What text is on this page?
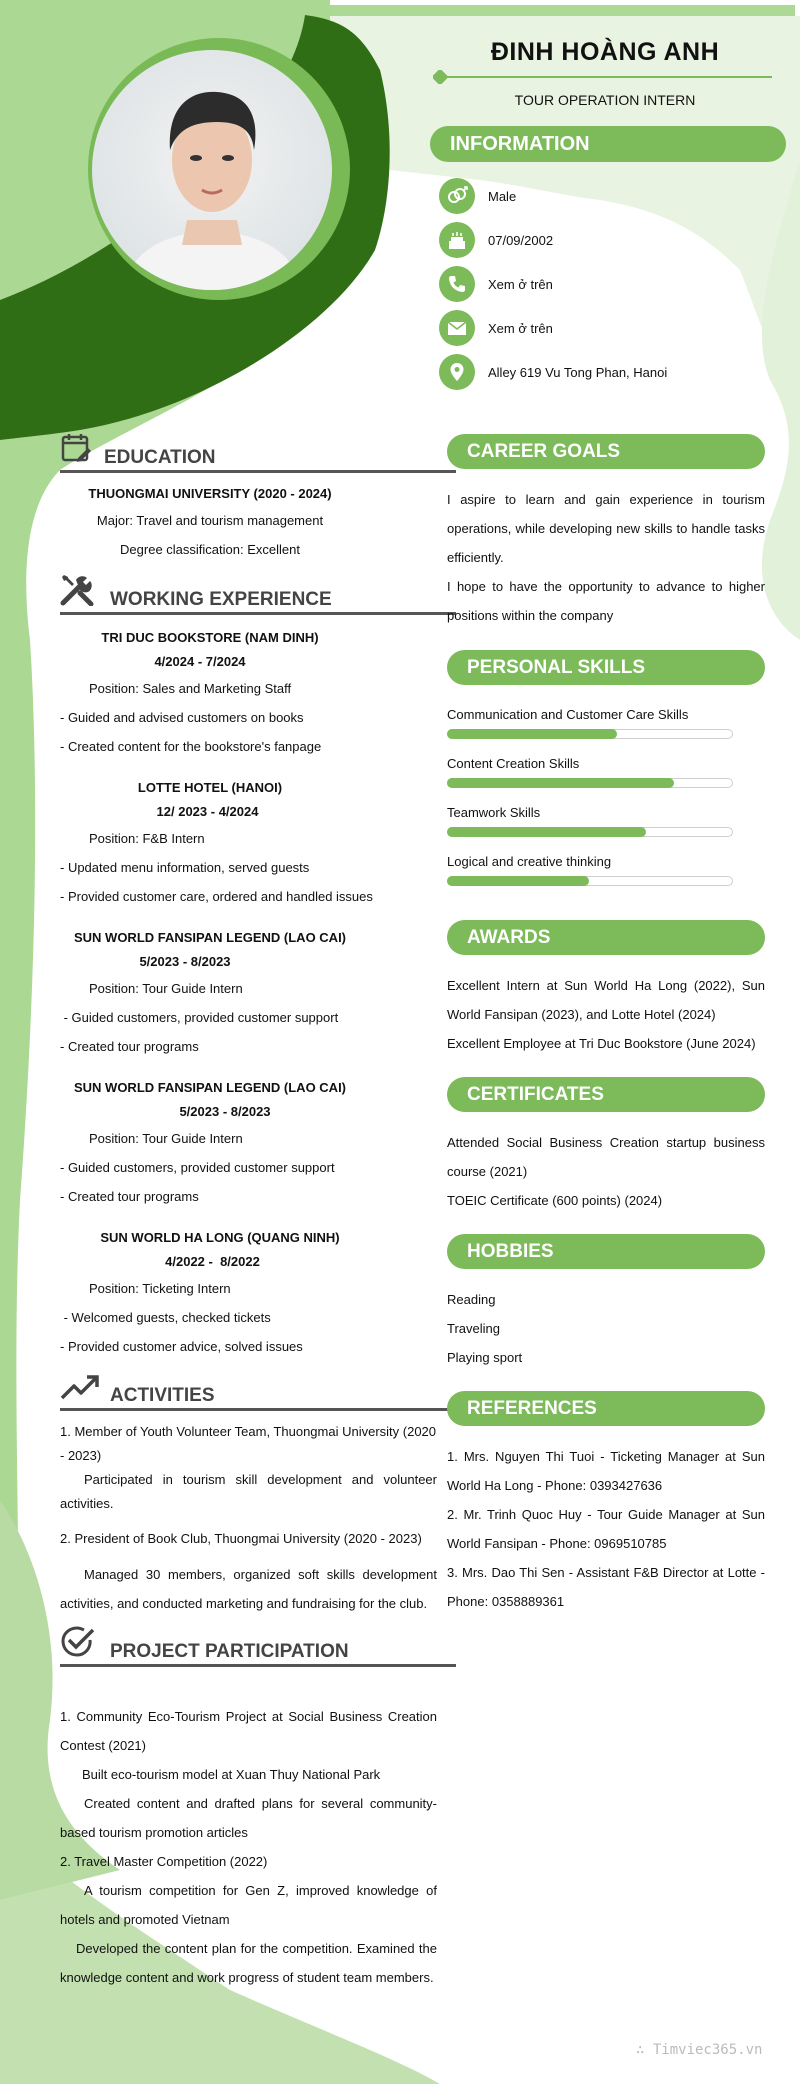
ĐINH HOÀNG ANH
TOUR OPERATION INTERN
INFORMATION
Male
07/09/2002
Xem ở trên
Xem ở trên
Alley 619 Vu Tong Phan, Hanoi
EDUCATION
THUONGMAI UNIVERSITY (2020 - 2024)
Major: Travel and tourism management
Degree classification: Excellent
WORKING EXPERIENCE
TRI DUC BOOKSTORE (NAM DINH)
4/2024 - 7/2024
Position: Sales and Marketing Staff
- Guided and advised customers on books
- Created content for the bookstore's fanpage
LOTTE HOTEL (HANOI)
12/ 2023 - 4/2024
Position: F&B Intern
- Updated menu information, served guests
- Provided customer care, ordered and handled issues
SUN WORLD FANSIPAN LEGEND (LAO CAI)
5/2023 - 8/2023
Position: Tour Guide Intern
- Guided customers, provided customer support
- Created tour programs
SUN WORLD FANSIPAN LEGEND (LAO CAI)
5/2023 - 8/2023
Position: Tour Guide Intern
- Guided customers, provided customer support
- Created tour programs
SUN WORLD HA LONG (QUANG NINH)
4/2022 -  8/2022
Position: Ticketing Intern
- Welcomed guests, checked tickets
- Provided customer advice, solved issues
ACTIVITIES
1. Member of Youth Volunteer Team, Thuongmai University (2020 - 2023)
Participated in tourism skill development and volunteer activities.
2. President of Book Club, Thuongmai University (2020 - 2023)
Managed 30 members, organized soft skills development activities, and conducted marketing and fundraising for the club.
PROJECT PARTICIPATION
1. Community Eco-Tourism Project at Social Business Creation Contest (2021)
Built eco-tourism model at Xuan Thuy National Park
Created content and drafted plans for several community-based tourism promotion articles
2. Travel Master Competition (2022)
A tourism competition for Gen Z, improved knowledge of hotels and promoted Vietnam
Developed the content plan for the competition. Examined the knowledge content and work progress of student team members.
CAREER GOALS
I aspire to learn and gain experience in tourism operations, while developing new skills to handle tasks efficiently.
I hope to have the opportunity to advance to higher positions within the company
PERSONAL SKILLS
Communication and Customer Care Skills
Content Creation Skills
Teamwork Skills
Logical and creative thinking
AWARDS
Excellent Intern at Sun World Ha Long (2022), Sun World Fansipan (2023), and Lotte Hotel (2024)
Excellent Employee at Tri Duc Bookstore (June 2024)
CERTIFICATES
Attended Social Business Creation startup business course (2021)
TOEIC Certificate (600 points) (2024)
HOBBIES
Reading
Traveling
Playing sport
REFERENCES
1. Mrs. Nguyen Thi Tuoi - Ticketing Manager at Sun World Ha Long - Phone: 0393427636
2. Mr. Trinh Quoc Huy - Tour Guide Manager at Sun World Fansipan - Phone: 0969510785
3. Mrs. Dao Thi Sen - Assistant F&B Director at Lotte - Phone: 0358889361
∴ Timviec365.vn
